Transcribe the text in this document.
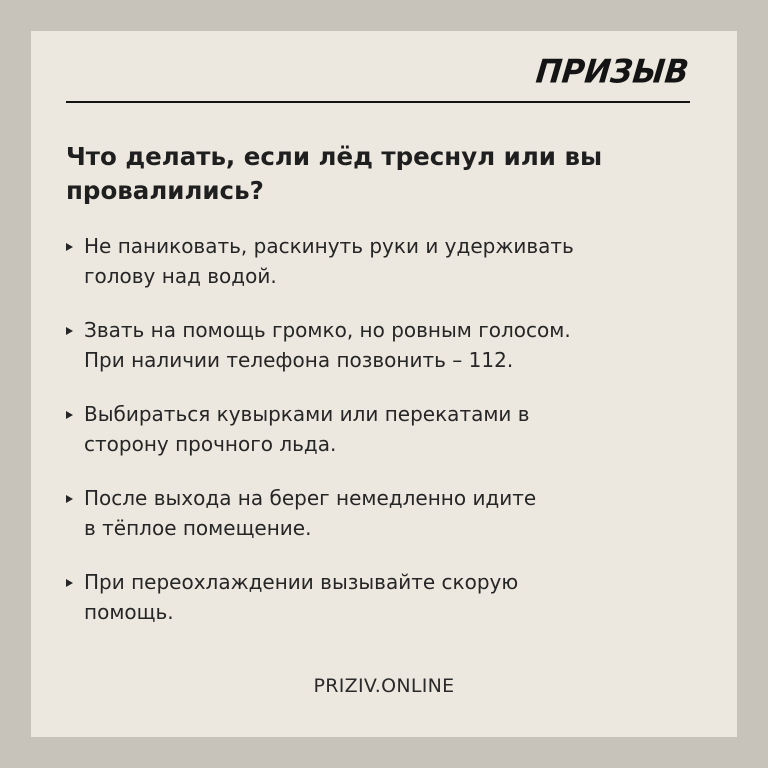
ПРИЗЫВ
Что делать, если лёд треснул или вы провалились?
Не паниковать, раскинуть руки и удерживать
голову над водой.
Звать на помощь громко, но ровным голосом.
При наличии телефона позвонить – 112.
Выбираться кувырками или перекатами в
сторону прочного льда.
После выхода на берег немедленно идите
в тёплое помещение.
При переохлаждении вызывайте скорую
помощь.
PRIZIV.ONLINE
